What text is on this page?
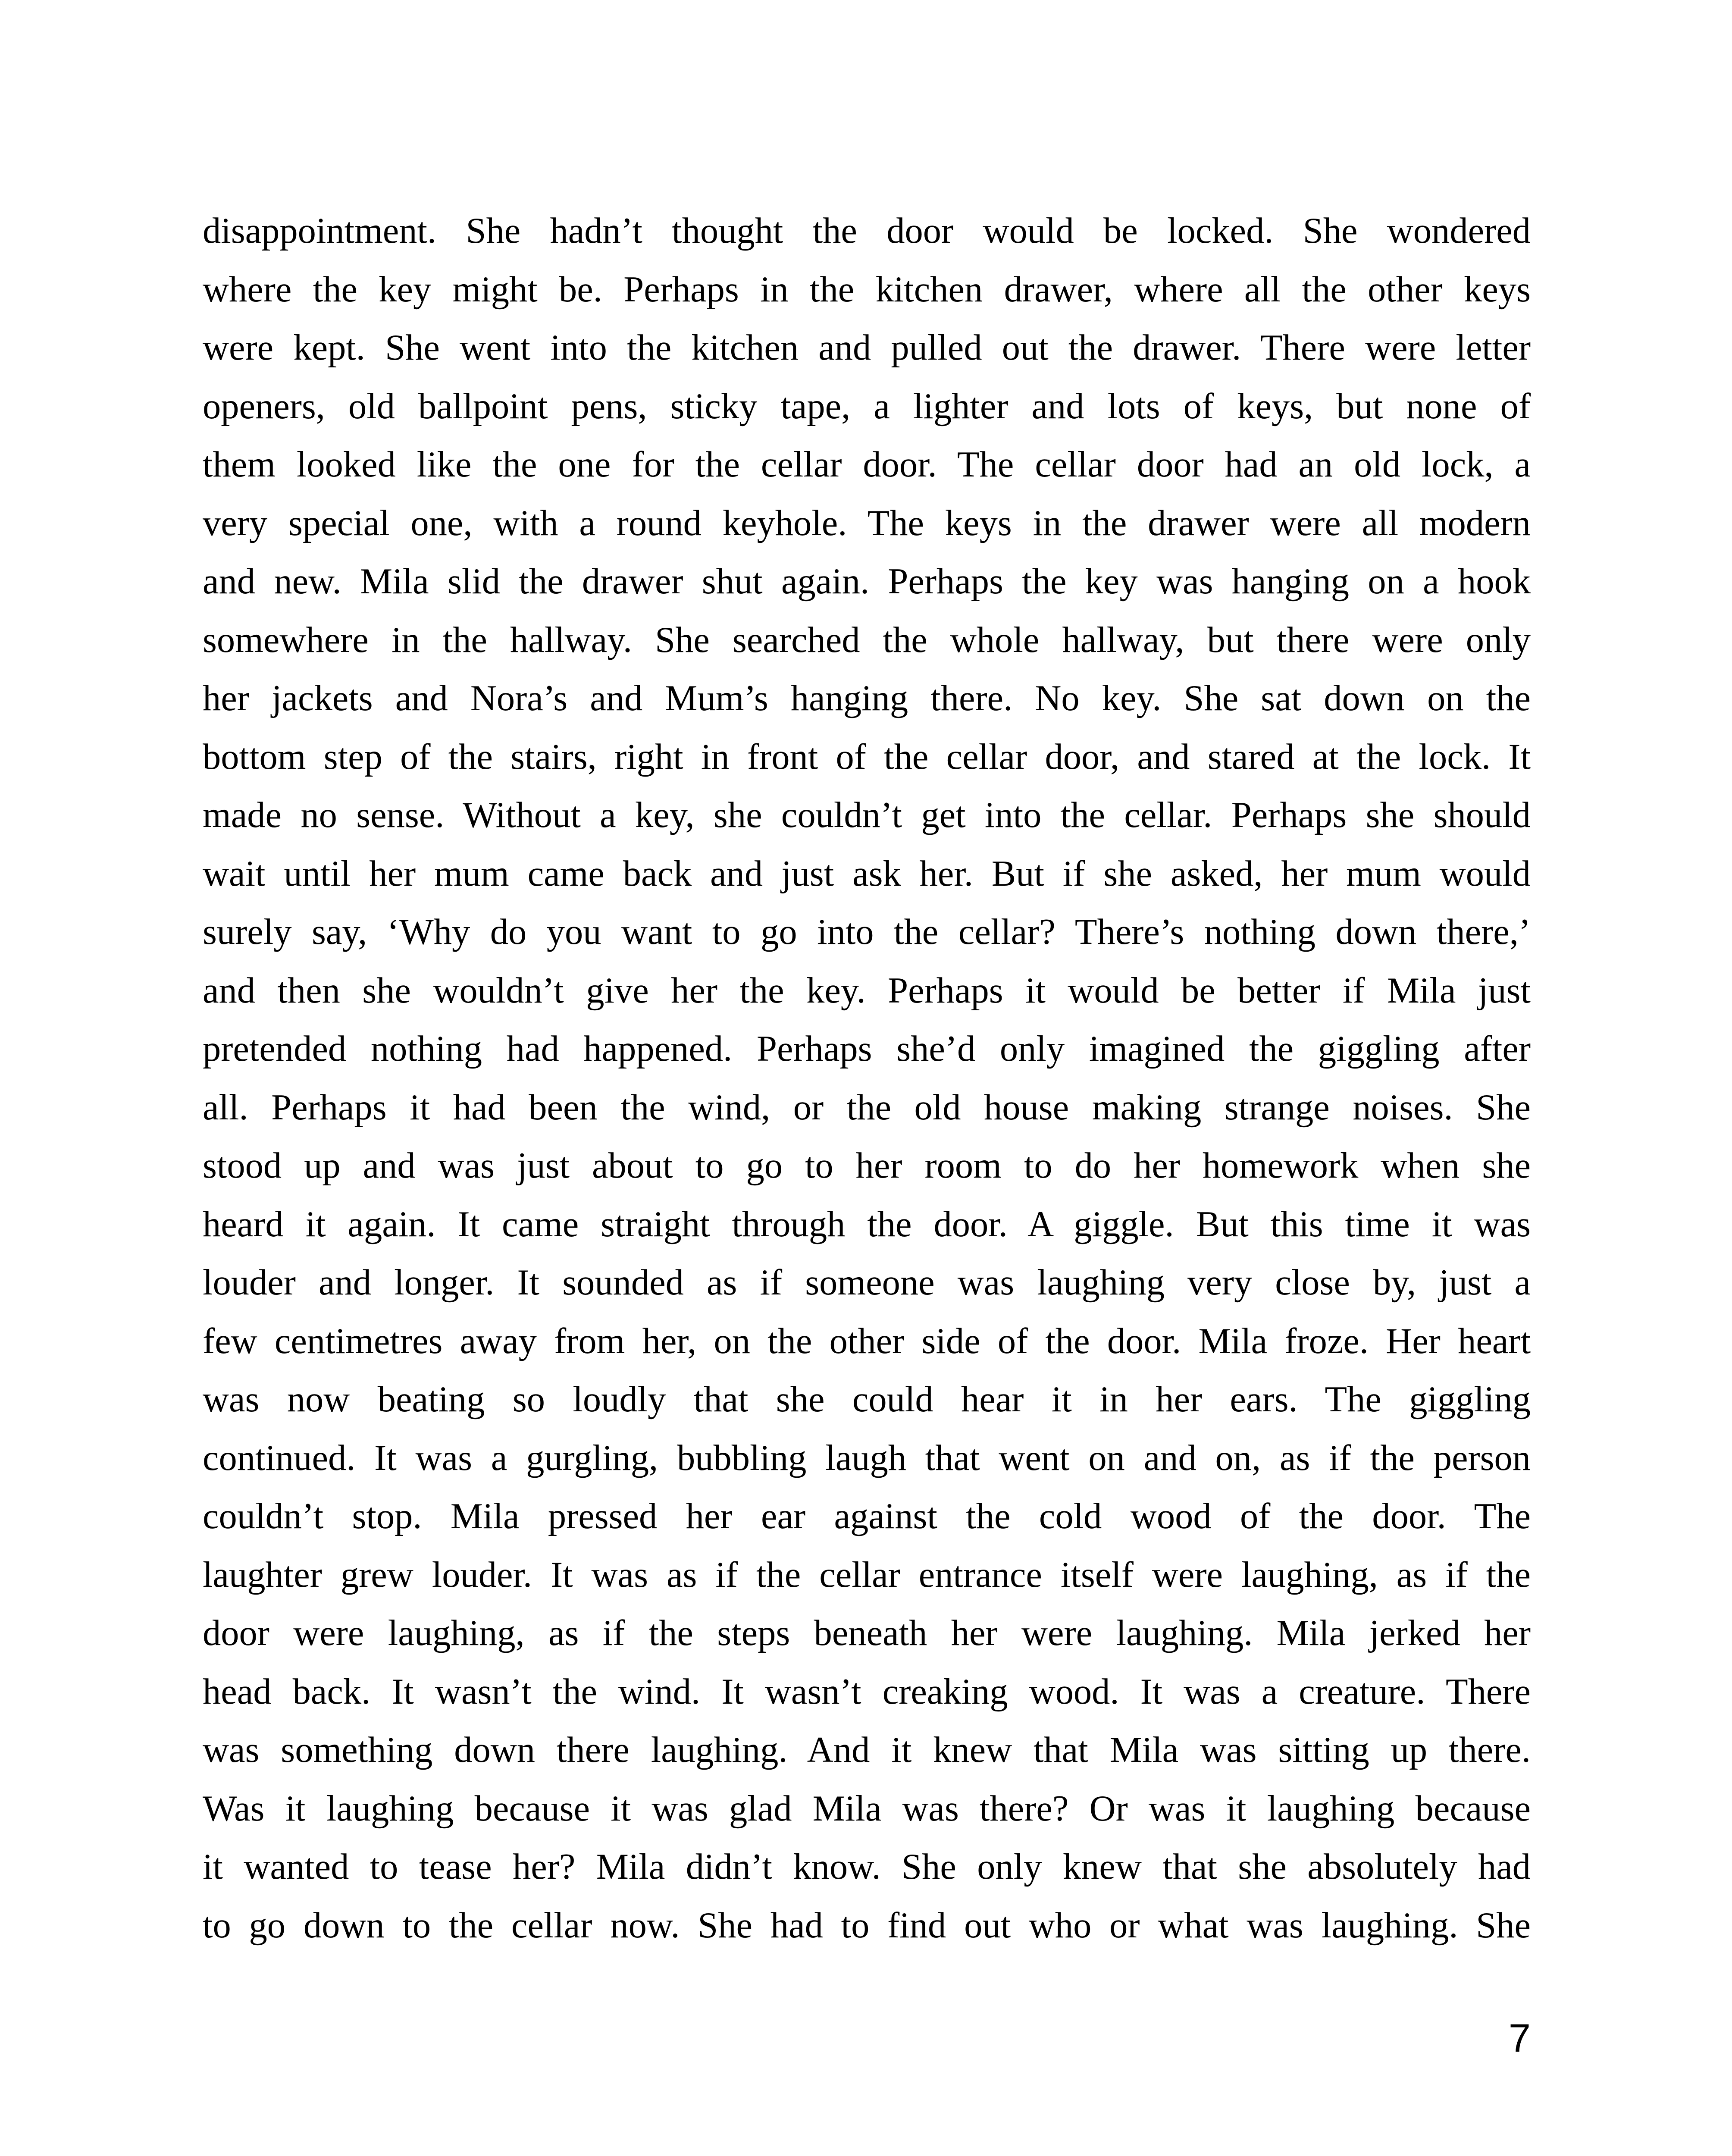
disappointment. She hadn’t thought the door would be locked. She wondered
where the key might be. Perhaps in the kitchen drawer, where all the other keys
were kept. She went into the kitchen and pulled out the drawer. There were letter
openers, old ballpoint pens, sticky tape, a lighter and lots of keys, but none of
them looked like the one for the cellar door. The cellar door had an old lock, a
very special one, with a round keyhole. The keys in the drawer were all modern
and new. Mila slid the drawer shut again. Perhaps the key was hanging on a hook
somewhere in the hallway. She searched the whole hallway, but there were only
her jackets and Nora’s and Mum’s hanging there. No key. She sat down on the
bottom step of the stairs, right in front of the cellar door, and stared at the lock. It
made no sense. Without a key, she couldn’t get into the cellar. Perhaps she should
wait until her mum came back and just ask her. But if she asked, her mum would
surely say, ‘Why do you want to go into the cellar? There’s nothing down there,’
and then she wouldn’t give her the key. Perhaps it would be better if Mila just
pretended nothing had happened. Perhaps she’d only imagined the giggling after
all. Perhaps it had been the wind, or the old house making strange noises. She
stood up and was just about to go to her room to do her homework when she
heard it again. It came straight through the door. A giggle. But this time it was
louder and longer. It sounded as if someone was laughing very close by, just a
few centimetres away from her, on the other side of the door. Mila froze. Her heart
was now beating so loudly that she could hear it in her ears. The giggling
continued. It was a gurgling, bubbling laugh that went on and on, as if the person
couldn’t stop. Mila pressed her ear against the cold wood of the door. The
laughter grew louder. It was as if the cellar entrance itself were laughing, as if the
door were laughing, as if the steps beneath her were laughing. Mila jerked her
head back. It wasn’t the wind. It wasn’t creaking wood. It was a creature. There
was something down there laughing. And it knew that Mila was sitting up there.
Was it laughing because it was glad Mila was there? Or was it laughing because
it wanted to tease her? Mila didn’t know. She only knew that she absolutely had
to go down to the cellar now. She had to find out who or what was laughing. She
7
